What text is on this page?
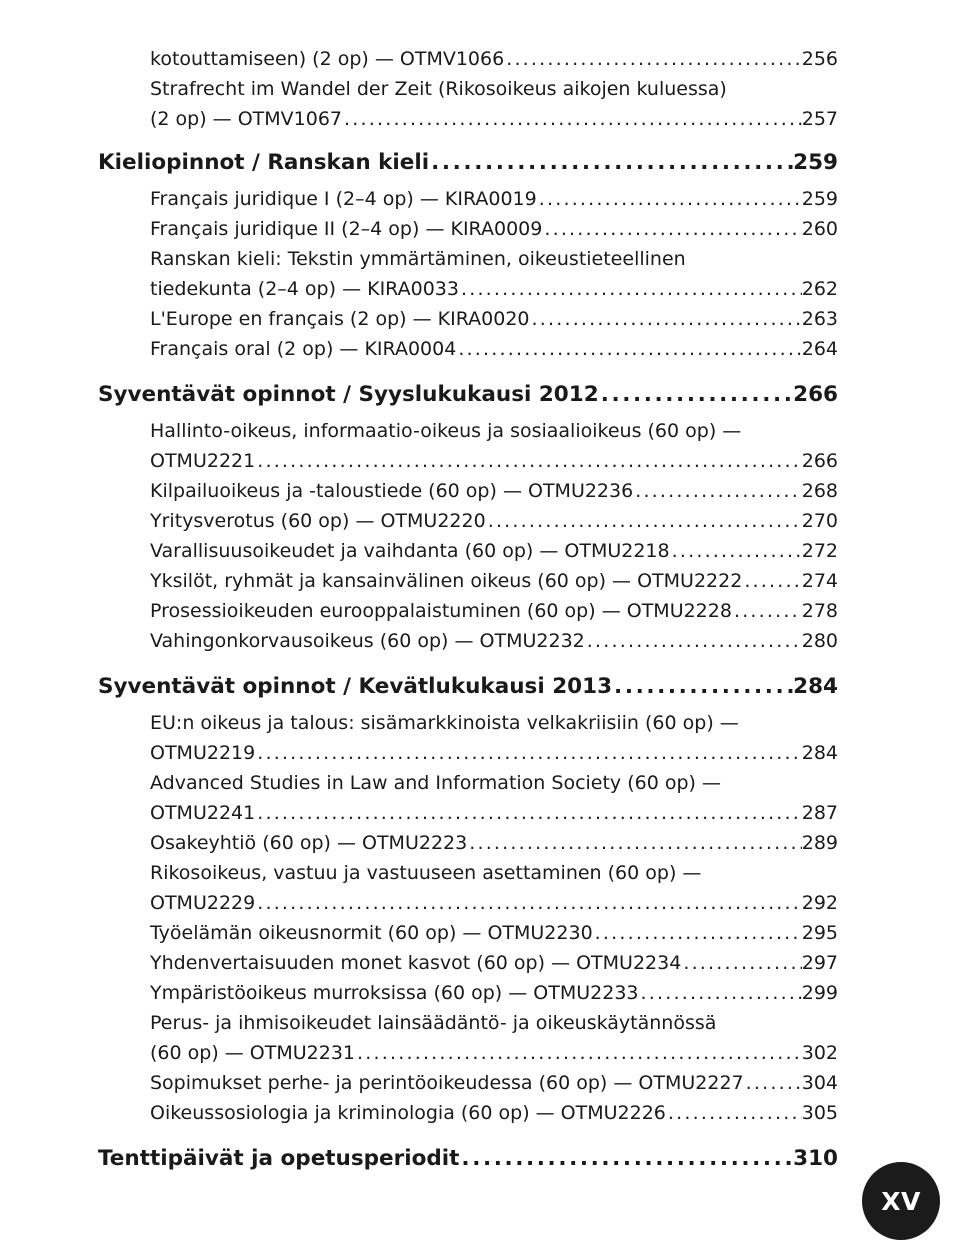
kotouttamiseen) (2 op) — OTMV1066 .....	256
Strafrecht im Wandel der Zeit (Rikosoikeus aikojen kuluessa)
(2 op) — OTMV1067 .....	257
Kieliopinnot / Ranskan kieli .....	259
Français juridique I (2–4 op) — KIRA0019 .....	259
Français juridique II (2–4 op) — KIRA0009 .....	260
Ranskan kieli: Tekstin ymmärtäminen, oikeustieteellinen
tiedekunta (2–4 op) — KIRA0033 .....	262
L'Europe en français (2 op) — KIRA0020 .....	263
Français oral (2 op) — KIRA0004 .....	264
Syventävät opinnot / Syyslukukausi 2012 .....	266
Hallinto-oikeus, informaatio-oikeus ja sosiaalioikeus (60 op) —
OTMU2221 .....	266
Kilpailuoikeus ja -taloustiede (60 op) — OTMU2236 .....	268
Yritysverotus (60 op) — OTMU2220 .....	270
Varallisuusoikeudet ja vaihdanta (60 op) — OTMU2218 .....	272
Yksilöt, ryhmät ja kansainvälinen oikeus (60 op) — OTMU2222 .....	274
Prosessioikeuden eurooppalaistuminen (60 op) — OTMU2228 .....	278
Vahingonkorvausoikeus (60 op) — OTMU2232 .....	280
Syventävät opinnot / Kevätlukukausi 2013 .....	284
EU:n oikeus ja talous: sisämarkkinoista velkakriisiin (60 op) —
OTMU2219 .....	284
Advanced Studies in Law and Information Society (60 op) —
OTMU2241 .....	287
Osakeyhtiö (60 op) — OTMU2223 .....	289
Rikosoikeus, vastuu ja vastuuseen asettaminen (60 op) —
OTMU2229 .....	292
Työelämän oikeusnormit (60 op) — OTMU2230 .....	295
Yhdenvertaisuuden monet kasvot (60 op) — OTMU2234 .....	297
Ympäristöoikeus murroksissa (60 op) — OTMU2233 .....	299
Perus- ja ihmisoikeudet lainsäädäntö- ja oikeuskäytännössä
(60 op) — OTMU2231 .....	302
Sopimukset perhe- ja perintöoikeudessa (60 op) — OTMU2227 .....	304
Oikeussosiologia ja kriminologia (60 op) — OTMU2226 .....	305
Tenttipäivät ja opetusperiodit .....	310
XV
